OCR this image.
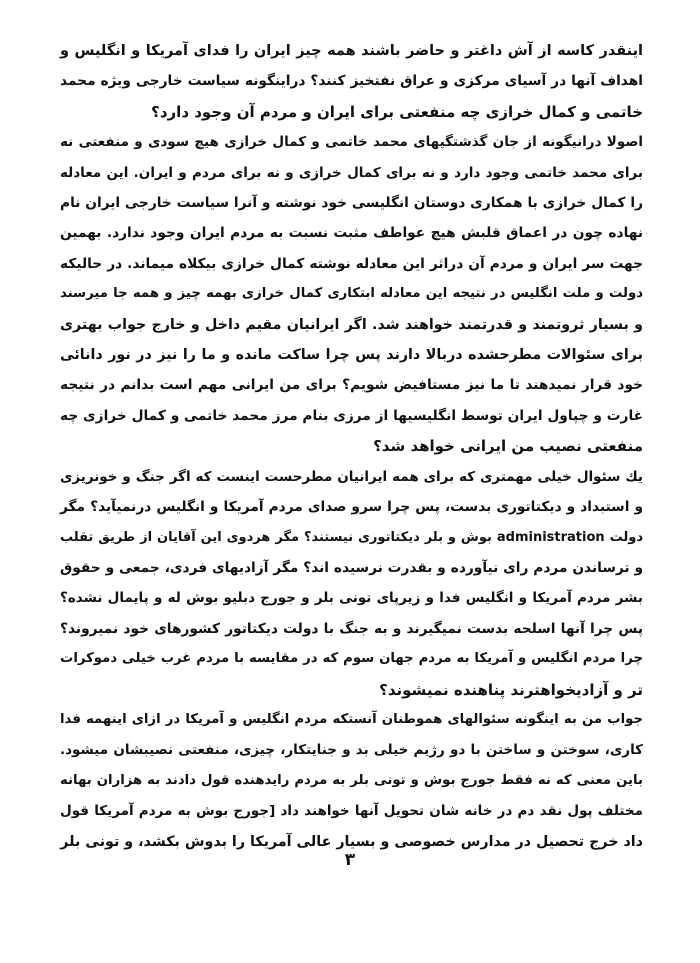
اینقدر کاسه از آش داغتر و حاضر باشند همه چیز ایران را فدای آمریکا و انگلیس و
اهداف آنها در آسیای مرکزی و عراق نفتخیز کنند؟ دراینگونه سیاست خارجی ویژه محمد
خاتمی و کمال خرازی چه منفعتی برای ایران و مردم آن وجود دارد؟
اصولا درانیگونه از جان گذشتگیهای محمد خاتمی و کمال خرازی هیچ سودی و منفعتی نه
برای محمد خاتمی وجود دارد و نه برای کمال خرازی و نه برای مردم و ایران. این معادله
را کمال خرازی با همکاری دوستان انگلیسی خود نوشته و آنرا سیاست خارجی ایران نام
نهاده چون در اعماق قلبش هیچ عواطف مثبت نسبت به مردم ایران وجود ندارد. بهمین
جهت سر ایران و مردم آن دراثر این معادله نوشته کمال خرازی بیکلاه میماند. در حالیکه
دولت و ملت انگلیس در نتیجه این معادله ابتکاری کمال خرازی بهمه چیز و همه جا میرسند
و بسیار ثروتمند و قدرتمند خواهند شد. اگر ایرانیان مقیم داخل و خارج جواب بهتری
برای سئوالات مطرحشده دربالا دارند پس چرا ساکت مانده و ما را نیز در نور دانائی
خود قرار نمیدهند تا ما نیز مستافیض شویم؟ برای من ایرانی مهم است بدانم در نتیجه
غارت و چپاول ایران توسط انگلیسیها از مرزی بنام مرز محمد خاتمی و کمال خرازی چه
منفعتی نصیب من ایرانی خواهد شد؟
یك سئوال خیلی مهمتری که برای همه ایرانیان مطرحست اینست که اگر جنگ و خونریزی
و استبداد و دیکتاتوری بدست، پس چرا سرو صدای مردم آمریکا و انگلیس درنمیآید؟ مگر
دولت administration بوش و بلر دیکتاتوری نیستند؟ مگر هردوی این آقایان از طریق تقلب
و ترساندن مردم رای نیآورده و بقدرت نرسیده اند؟ مگر آزادیهای فردی، جمعی و حقوق
بشر مردم آمریکا و انگلیس فدا و زیرپای تونی بلر و جورج دبلیو بوش له و پایمال نشده؟
پس چرا آنها اسلحه بدست نمیگیرند و به جنگ با دولت دیکتاتور کشورهای خود نمیروند؟
چرا مردم انگلیس و آمریکا به مردم جهان سوم که در مقایسه با مردم غرب خیلی دموکرات
تر و آزادیخواهترند پناهنده نمیشوند؟
جواب من به اینگونه سئوالهای هموطنان آنستکه مردم انگلیس و آمریکا در ازای اینهمه فدا
کاری، سوختن و ساختن با دو رژیم خیلی بد و جنایتکار، چیزی، منفعتی نصیبشان میشود.
باین معنی که نه فقط جورج بوش و تونی بلر به مردم رایدهنده قول دادند به هزاران بهانه
مختلف پول نقد دم در خانه شان تحویل آنها خواهند داد [جورج بوش به مردم آمریکا قول
داد خرج تحصیل در مدارس خصوصی و بسیار عالی آمریکا را بدوش بکشد، و تونی بلر
۳
